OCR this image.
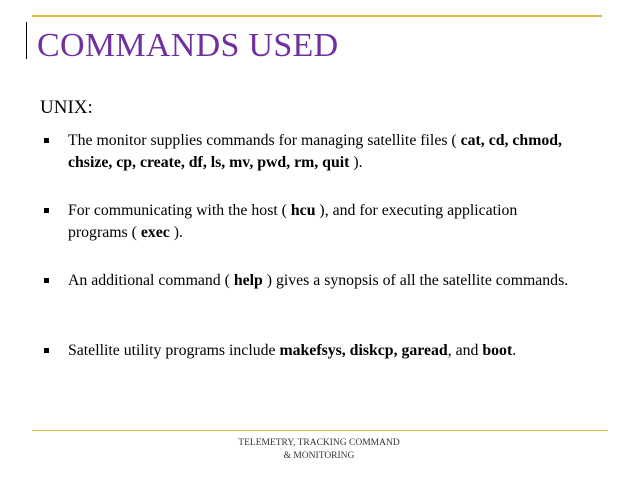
COMMANDS USED
UNIX:
The monitor supplies commands for managing satellite files ( cat, cd, chmod, chsize, cp, create, df, ls, mv, pwd, rm, quit ).
For communicating with the host ( hcu ), and for executing application programs ( exec ).
An additional command ( help ) gives a synopsis of all the satellite commands.
Satellite utility programs include makefsys, diskcp, garead, and boot.
TELEMETRY, TRACKING COMMAND
& MONITORING
